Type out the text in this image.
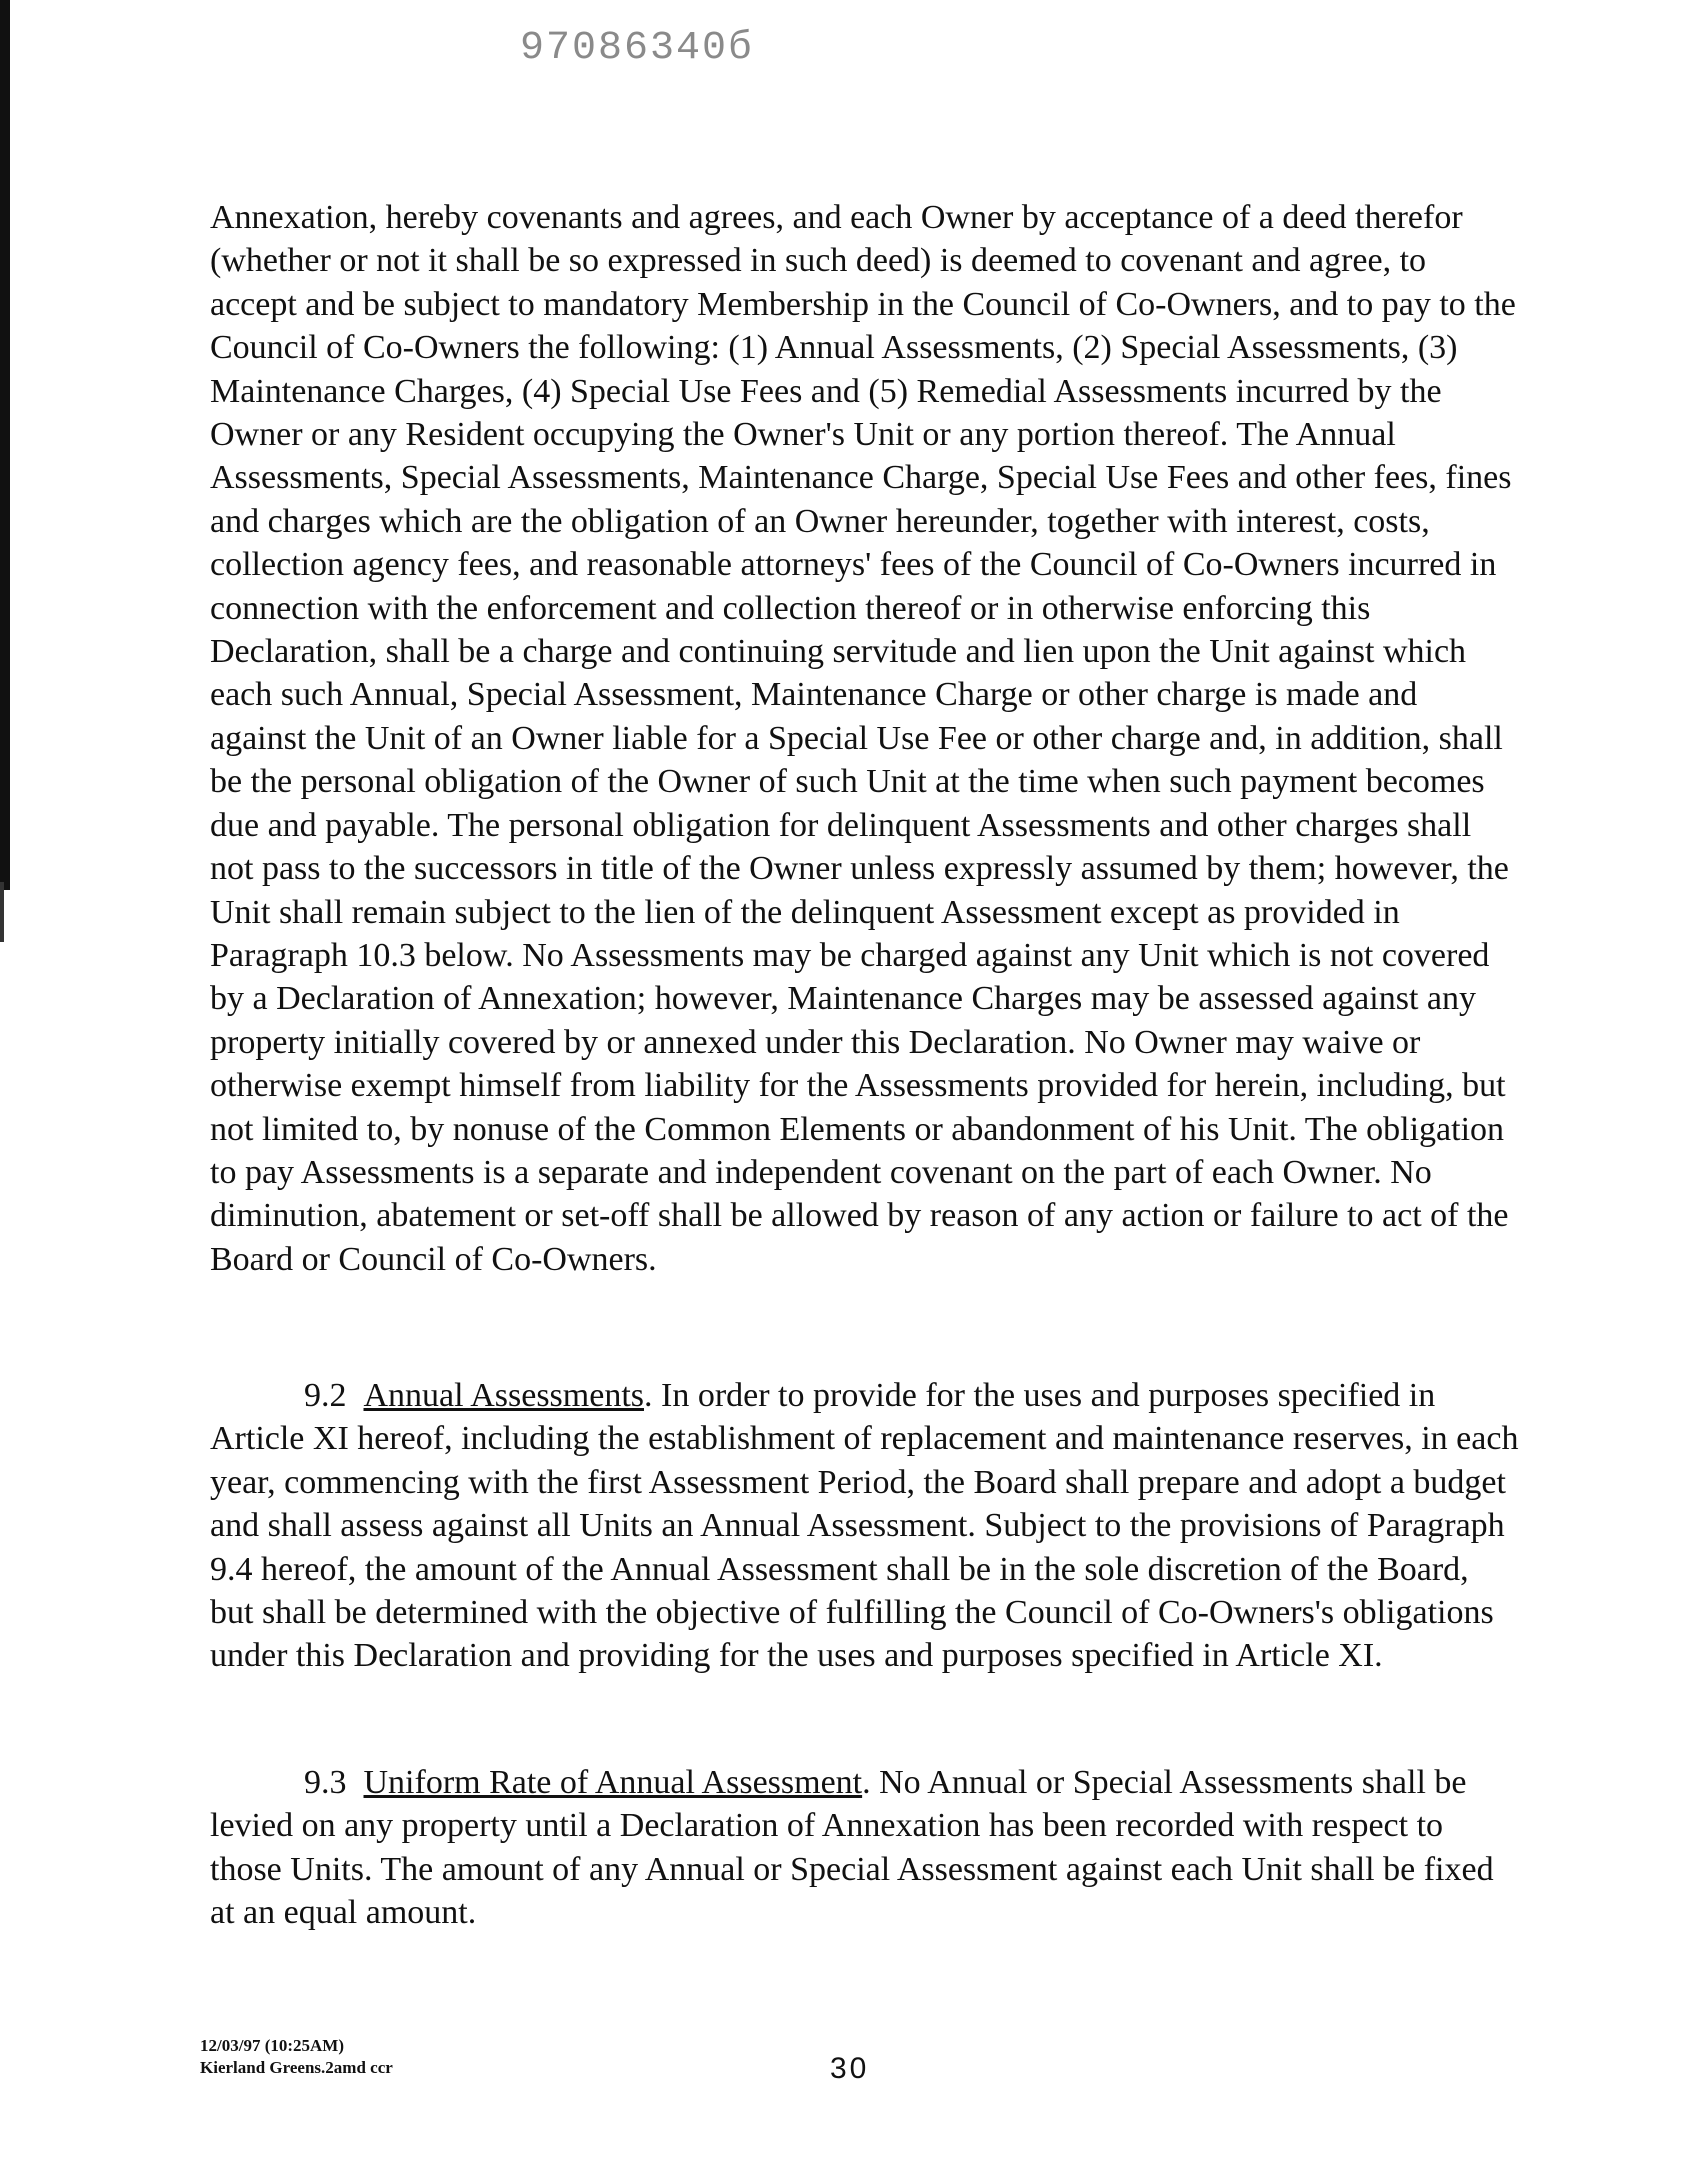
97086340б

Annexation, hereby covenants and agrees, and each Owner by acceptance of a deed therefor (whether or not it shall be so expressed in such deed) is deemed to covenant and agree, to accept and be subject to mandatory Membership in the Council of Co-Owners, and to pay to the Council of Co-Owners the following: (1) Annual Assessments, (2) Special Assessments, (3) Maintenance Charges, (4) Special Use Fees and (5) Remedial Assessments incurred by the Owner or any Resident occupying the Owner's Unit or any portion thereof. The Annual Assessments, Special Assessments, Maintenance Charge, Special Use Fees and other fees, fines and charges which are the obligation of an Owner hereunder, together with interest, costs, collection agency fees, and reasonable attorneys' fees of the Council of Co-Owners incurred in connection with the enforcement and collection thereof or in otherwise enforcing this Declaration, shall be a charge and continuing servitude and lien upon the Unit against which each such Annual, Special Assessment, Maintenance Charge or other charge is made and against the Unit of an Owner liable for a Special Use Fee or other charge and, in addition, shall be the personal obligation of the Owner of such Unit at the time when such payment becomes due and payable. The personal obligation for delinquent Assessments and other charges shall not pass to the successors in title of the Owner unless expressly assumed by them; however, the Unit shall remain subject to the lien of the delinquent Assessment except as provided in Paragraph 10.3 below. No Assessments may be charged against any Unit which is not covered by a Declaration of Annexation; however, Maintenance Charges may be assessed against any property initially covered by or annexed under this Declaration. No Owner may waive or otherwise exempt himself from liability for the Assessments provided for herein, including, but not limited to, by nonuse of the Common Elements or abandonment of his Unit. The obligation to pay Assessments is a separate and independent covenant on the part of each Owner. No diminution, abatement or set-off shall be allowed by reason of any action or failure to act of the Board or Council of Co-Owners.

9.2 Annual Assessments. In order to provide for the uses and purposes specified in Article XI hereof, including the establishment of replacement and maintenance reserves, in each year, commencing with the first Assessment Period, the Board shall prepare and adopt a budget and shall assess against all Units an Annual Assessment. Subject to the provisions of Paragraph 9.4 hereof, the amount of the Annual Assessment shall be in the sole discretion of the Board, but shall be determined with the objective of fulfilling the Council of Co-Owners's obligations under this Declaration and providing for the uses and purposes specified in Article XI.

9.3 Uniform Rate of Annual Assessment. No Annual or Special Assessments shall be levied on any property until a Declaration of Annexation has been recorded with respect to those Units. The amount of any Annual or Special Assessment against each Unit shall be fixed at an equal amount.

12/03/97 (10:25AM)
Kierland Greens.2amd ccr	30
